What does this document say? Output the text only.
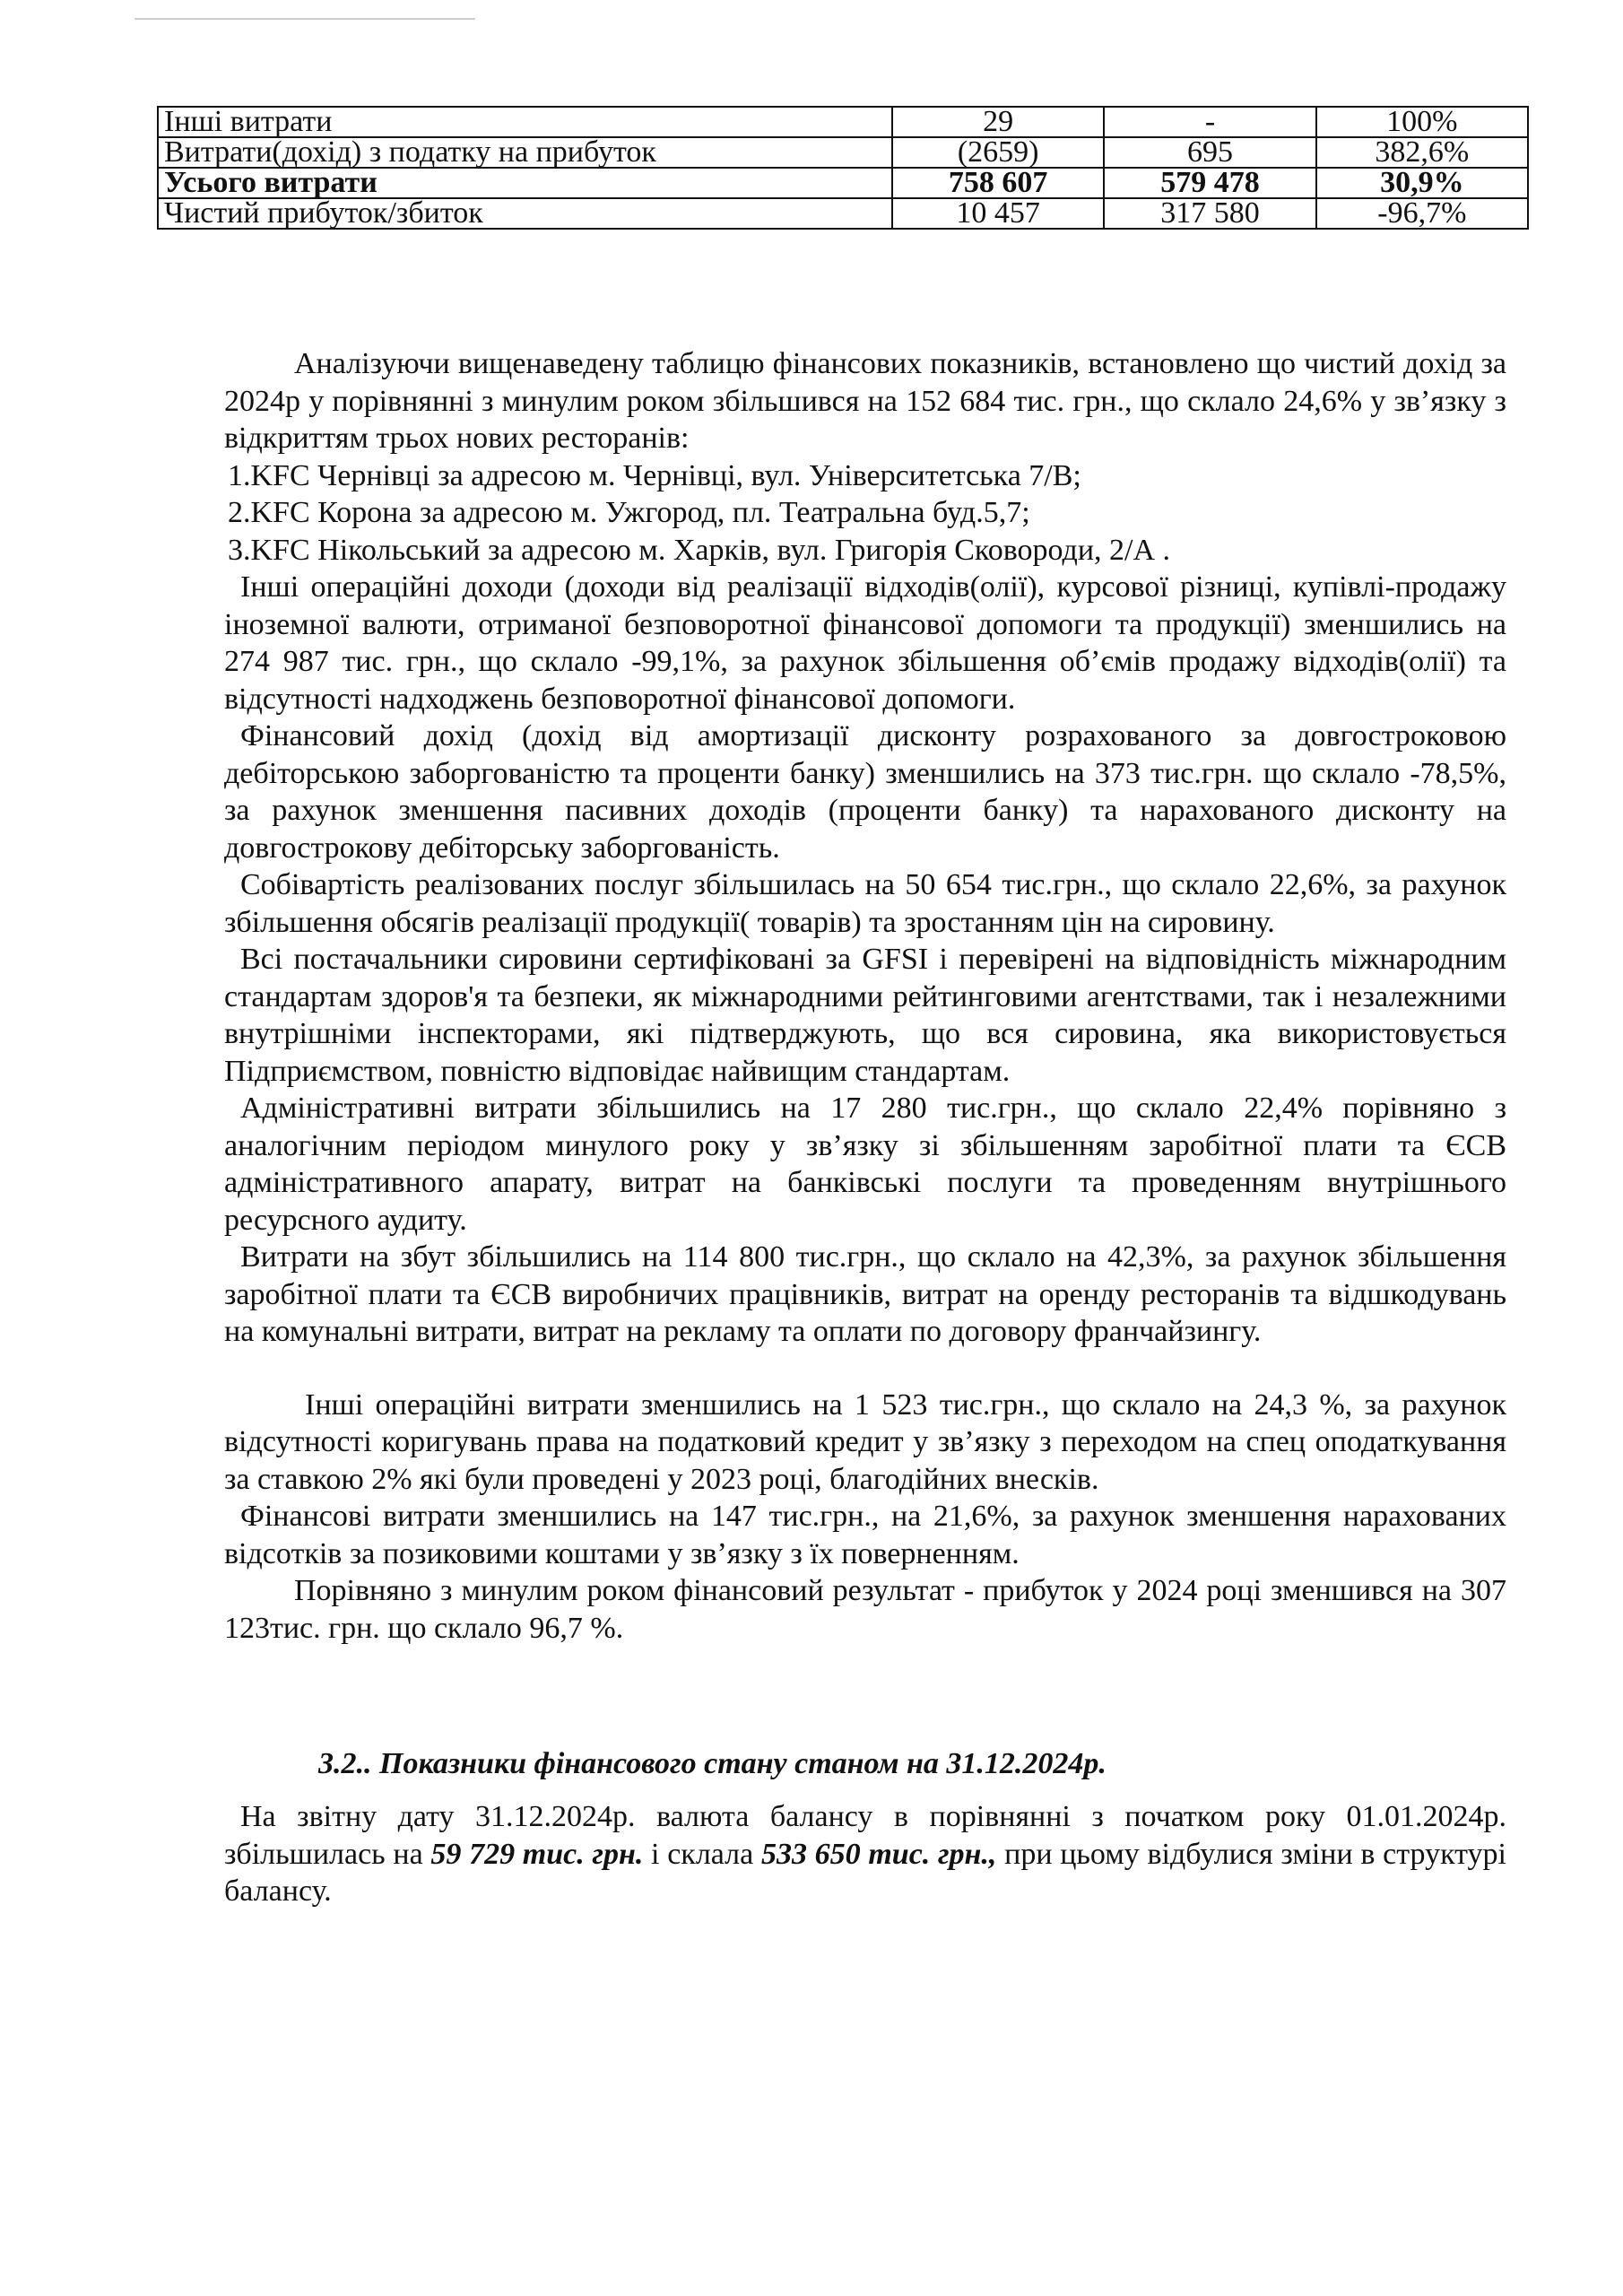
Інші витрати	29	-	100%
Витрати(дохід) з податку на прибуток	(2659)	695	382,6%
Усього витрати	758 607	579 478	30,9%
Чистий прибуток/збиток	10 457	317 580	-96,7%

Аналізуючи вищенаведену таблицю фінансових показників, встановлено що чистий дохід за 2024р у порівнянні з минулим роком збільшився на 152 684 тис. грн., що склало 24,6% у зв’язку з відкриттям трьох нових ресторанів:

1.KFC Чернівці за адресою м. Чернівці, вул. Університетська 7/В;

2.KFC Корона за адресою м. Ужгород, пл. Театральна буд.5,7;

3.KFC Нікольський за адресою м. Харків, вул. Григорія Сковороди, 2/А .

Інші операційні доходи (доходи від реалізації відходів(олії), курсової різниці, купівлі-продажу іноземної валюти, отриманої безповоротної фінансової допомоги та продукції) зменшились на 274 987 тис. грн., що склало -99,1%, за рахунок збільшення об’ємів продажу відходів(олії) та відсутності надходжень безповоротної фінансової допомоги.

Фінансовий дохід (дохід від амортизації дисконту розрахованого за довгостроковою дебіторською заборгованістю та проценти банку) зменшились на 373 тис.грн. що склало -78,5%, за рахунок зменшення пасивних доходів (проценти банку) та нарахованого дисконту на довгострокову дебіторську заборгованість.

Собівартість реалізованих послуг збільшилась на 50 654 тис.грн., що склало 22,6%, за рахунок збільшення обсягів реалізації продукції( товарів) та зростанням цін на сировину.

Всі постачальники сировини сертифіковані за GFSI і перевірені на відповідність міжнародним стандартам здоров'я та безпеки, як міжнародними рейтинговими агентствами, так і незалежними внутрішніми інспекторами, які підтверджують, що вся сировина, яка використовується Підприємством, повністю відповідає найвищим стандартам.

Адміністративні витрати збільшились на 17 280 тис.грн., що склало 22,4% порівняно з аналогічним періодом минулого року у зв’язку зі збільшенням заробітної плати та ЄСВ адміністративного апарату, витрат на банківські послуги та проведенням внутрішнього ресурсного аудиту.

Витрати на збут збільшились на 114 800 тис.грн., що склало на 42,3%, за рахунок збільшення заробітної плати та ЄСВ виробничих працівників, витрат на оренду ресторанів та відшкодувань на комунальні витрати, витрат на рекламу та оплати по договору франчайзингу.

Інші операційні витрати зменшились на 1 523 тис.грн., що склало на 24,3 %, за рахунок відсутності коригувань права на податковий кредит у зв’язку з переходом на спец оподаткування за ставкою 2% які були проведені у 2023 році, благодійних внесків.

Фінансові витрати зменшились на 147 тис.грн., на 21,6%, за рахунок зменшення нарахованих відсотків за позиковими коштами у зв’язку з їх поверненням.

Порівняно з минулим роком фінансовий результат - прибуток у 2024 році зменшився на 307 123тис. грн. що склало 96,7 %.

3.2.. Показники фінансового стану станом на 31.12.2024р.

На звітну дату 31.12.2024р. валюта балансу в порівнянні з початком року 01.01.2024р. збільшилась на 59 729 тис. грн. і склала 533 650 тис. грн., при цьому відбулися зміни в структурі балансу.
